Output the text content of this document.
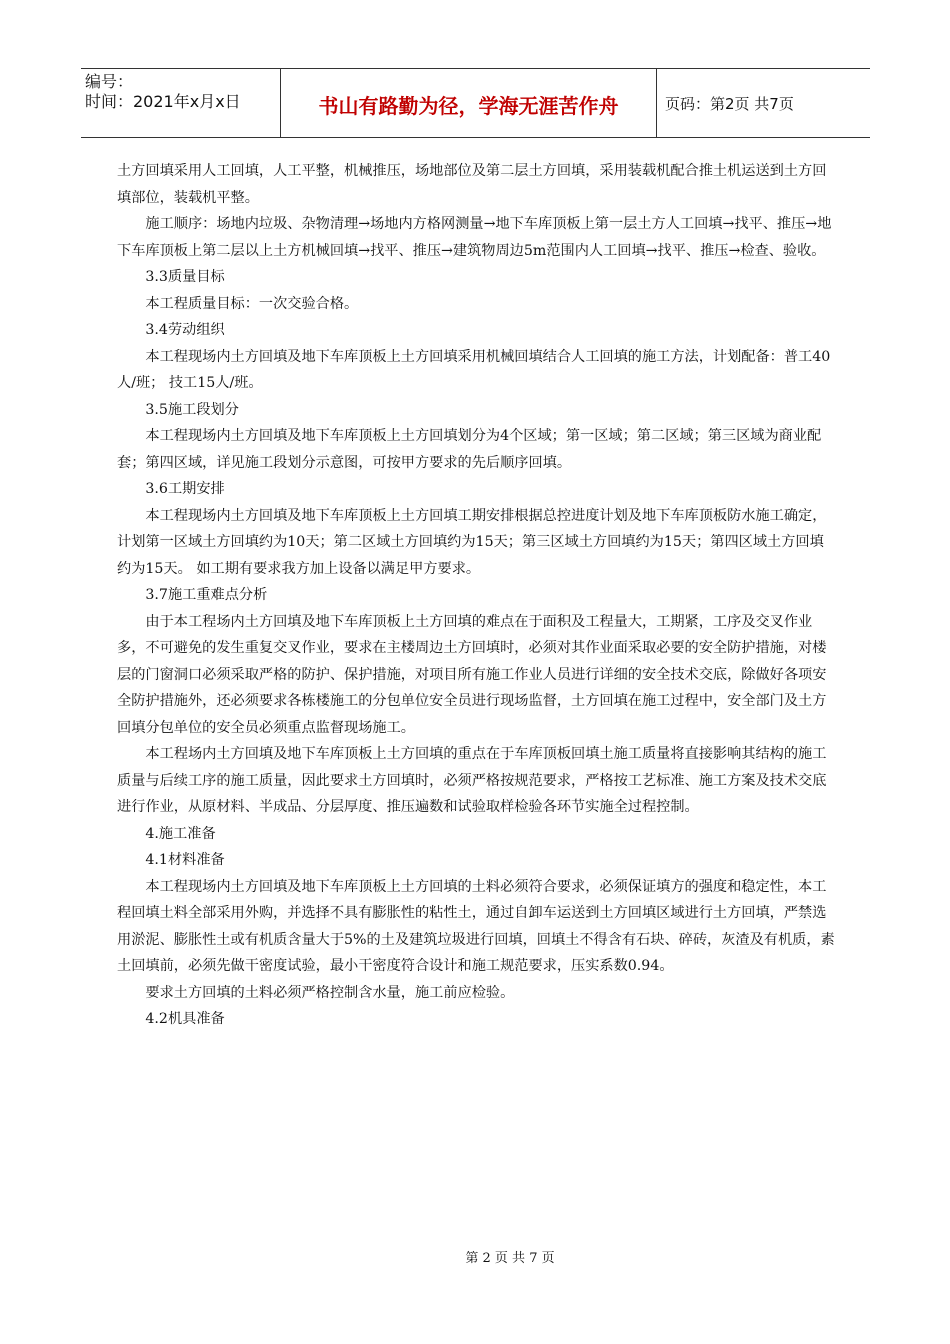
编号：
时间：2021年x月x日	书山有路勤为径，学海无涯苦作舟	页码：第2页 共7页

土方回填采用人工回填，人工平整，机械推压，场地部位及第二层土方回填，采用装载机配合推土机运送到土方回填部位，装载机平整。

施工顺序：场地内垃圾、杂物清理→场地内方格网测量→地下车库顶板上第一层土方人工回填→找平、推压→地下车库顶板上第二层以上土方机械回填→找平、推压→建筑物周边5m范围内人工回填→找平、推压→检查、验收。

3.3质量目标

本工程质量目标：一次交验合格。

3.4劳动组织

本工程现场内土方回填及地下车库顶板上土方回填采用机械回填结合人工回填的施工方法，计划配备：普工40人/班； 技工15人/班。

3.5施工段划分

本工程现场内土方回填及地下车库顶板上土方回填划分为4个区域；第一区域；第二区域；第三区域为商业配套；第四区域，详见施工段划分示意图，可按甲方要求的先后顺序回填。

3.6工期安排

本工程现场内土方回填及地下车库顶板上土方回填工期安排根据总控进度计划及地下车库顶板防水施工确定，计划第一区域土方回填约为10天；第二区域土方回填约为15天；第三区域土方回填约为15天；第四区域土方回填约为15天。 如工期有要求我方加上设备以满足甲方要求。

3.7施工重难点分析

由于本工程场内土方回填及地下车库顶板上土方回填的难点在于面积及工程量大，工期紧，工序及交叉作业多，不可避免的发生重复交叉作业，要求在主楼周边土方回填时，必须对其作业面采取必要的安全防护措施，对楼层的门窗洞口必须采取严格的防护、保护措施，对项目所有施工作业人员进行详细的安全技术交底，除做好各项安全防护措施外，还必须要求各栋楼施工的分包单位安全员进行现场监督，土方回填在施工过程中，安全部门及土方回填分包单位的安全员必须重点监督现场施工。

本工程场内土方回填及地下车库顶板上土方回填的重点在于车库顶板回填土施工质量将直接影响其结构的施工质量与后续工序的施工质量，因此要求土方回填时，必须严格按规范要求，严格按工艺标准、施工方案及技术交底进行作业，从原材料、半成品、分层厚度、推压遍数和试验取样检验各环节实施全过程控制。

4.施工准备

4.1材料准备

本工程现场内土方回填及地下车库顶板上土方回填的土料必须符合要求，必须保证填方的强度和稳定性，本工程回填土料全部采用外购，并选择不具有膨胀性的粘性土，通过自卸车运送到土方回填区域进行土方回填，严禁选用淤泥、膨胀性土或有机质含量大于5%的土及建筑垃圾进行回填，回填土不得含有石块、碎砖，灰渣及有机质，素土回填前，必须先做干密度试验，最小干密度符合设计和施工规范要求，压实系数0.94。

要求土方回填的土料必须严格控制含水量，施工前应检验。

4.2机具准备

第 2 页 共 7 页
